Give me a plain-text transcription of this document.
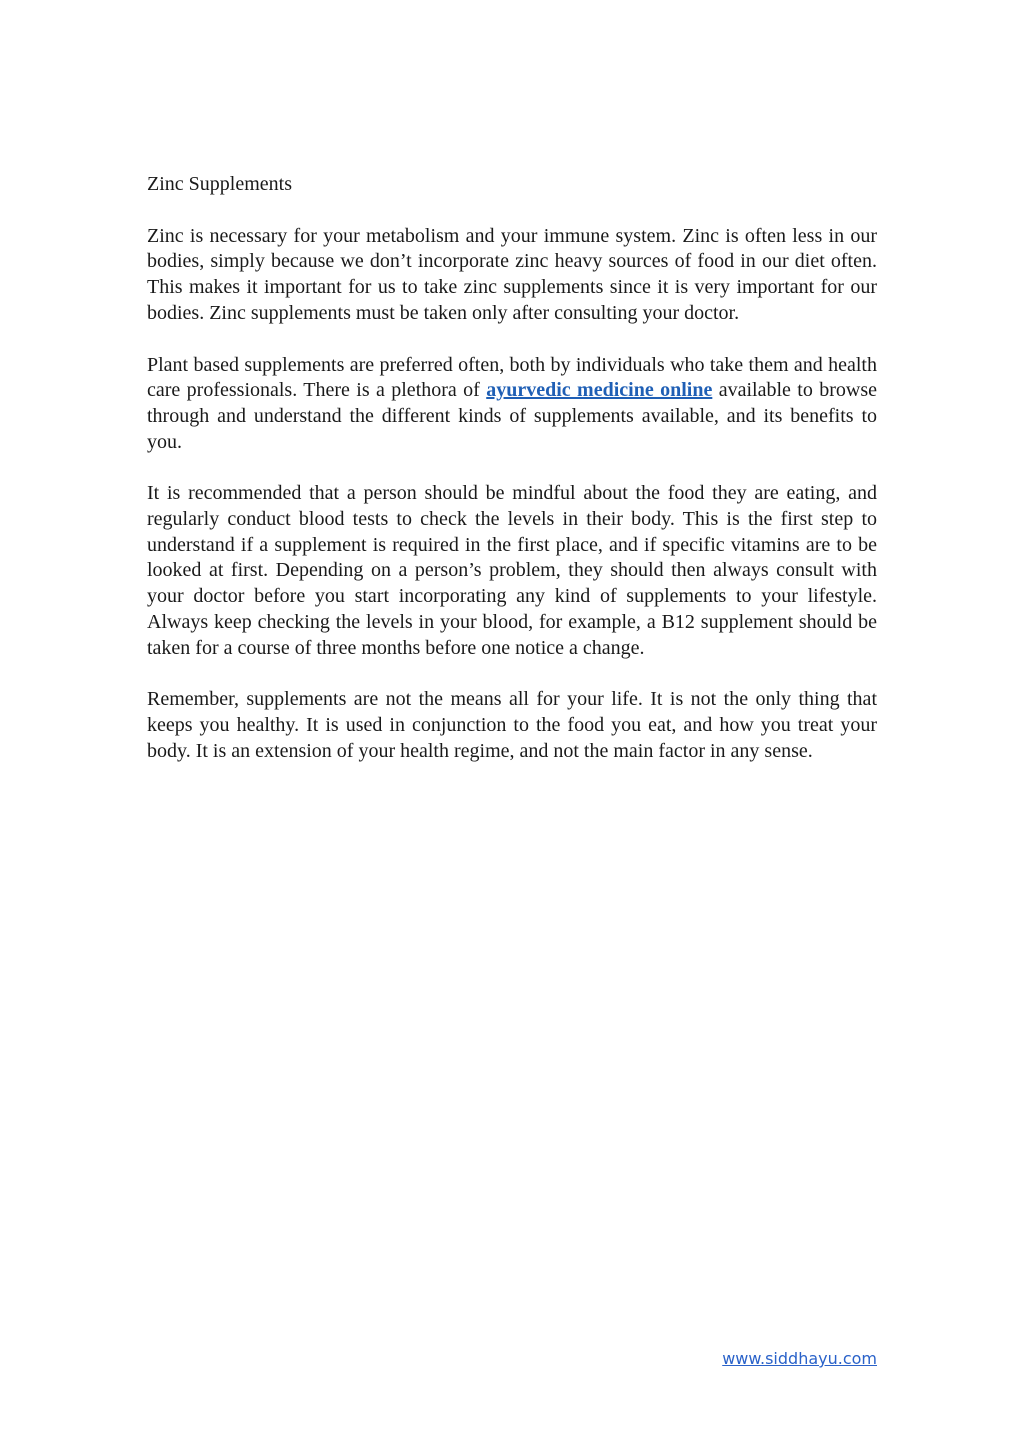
Zinc Supplements

Zinc is necessary for your metabolism and your immune system. Zinc is often less in our bodies, simply because we don’t incorporate zinc heavy sources of food in our diet often. This makes it important for us to take zinc supplements since it is very important for our bodies. Zinc supplements must be taken only after consulting your doctor.

Plant based supplements are preferred often, both by individuals who take them and health care professionals. There is a plethora of ayurvedic medicine online available to browse through and understand the different kinds of supplements available, and its benefits to you.

It is recommended that a person should be mindful about the food they are eating, and regularly conduct blood tests to check the levels in their body. This is the first step to understand if a supplement is required in the first place, and if specific vitamins are to be looked at first. Depending on a person’s problem, they should then always consult with your doctor before you start incorporating any kind of supplements to your lifestyle. Always keep checking the levels in your blood, for example, a B12 supplement should be taken for a course of three months before one notice a change.

Remember, supplements are not the means all for your life. It is not the only thing that keeps you healthy. It is used in conjunction to the food you eat, and how you treat your body. It is an extension of your health regime, and not the main factor in any sense.

www.siddhayu.com
